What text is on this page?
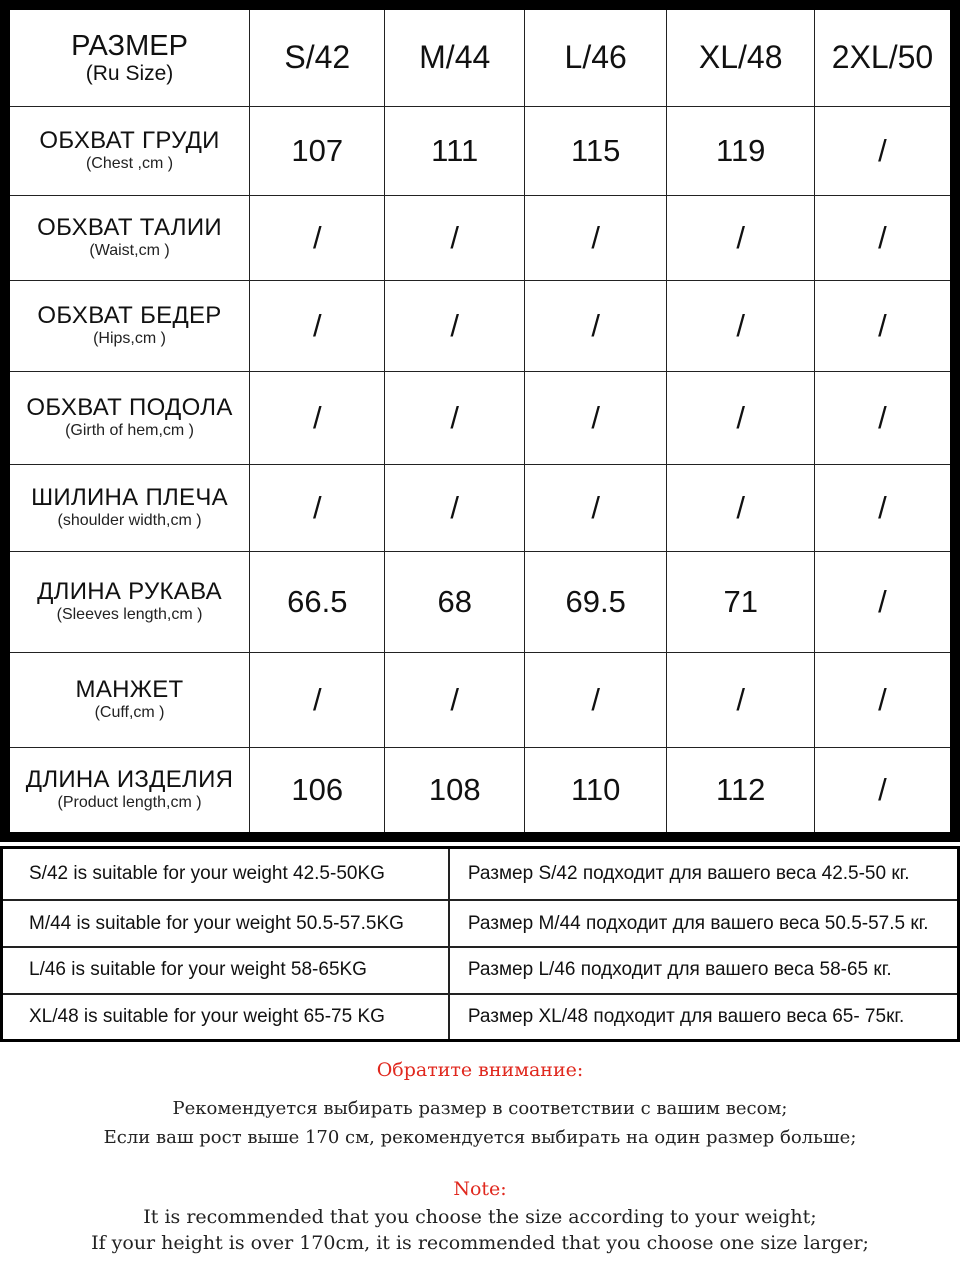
РАЗМЕР
(Ru Size)	S/42	M/44	L/46	XL/48	2XL/50

ОБХВАТ ГРУДИ
(Chest ,cm )	107	111	115	119	/

ОБХВАТ ТАЛИИ
(Waist,cm )	/	/	/	/	/

ОБХВАТ БЕДЕР
(Hips,cm )	/	/	/	/	/

ОБХВАТ ПОДОЛА
(Girth of hem,cm )	/	/	/	/	/

ШИЛИНА ПЛЕЧА
(shoulder width,cm )	/	/	/	/	/

ДЛИНА РУКАВА
(Sleeves length,cm )	66.5	68	69.5	71	/

МАНЖЕТ
(Cuff,cm )	/	/	/	/	/

ДЛИНА ИЗДЕЛИЯ
(Product length,cm )	106	108	110	112	/
S/42 is suitable for your weight 42.5-50KG	Размер S/42 подходит для вашего веса 42.5-50 кг.
M/44 is suitable for your weight 50.5-57.5KG	Размер M/44 подходит для вашего веса 50.5-57.5 кг.
L/46 is suitable for your weight 58-65KG	Размер L/46 подходит для вашего веса 58-65 кг.
XL/48 is suitable for your weight 65-75 KG	Размер XL/48 подходит для вашего веса 65- 75кг.
Обратите внимание:
Рекомендуется выбирать размер в соответствии с вашим весом;
Если ваш рост выше 170 см, рекомендуется выбирать на один размер больше;
Note:
It is recommended that you choose the size according to your weight;
If your height is over 170cm, it is recommended that you choose one size larger;
